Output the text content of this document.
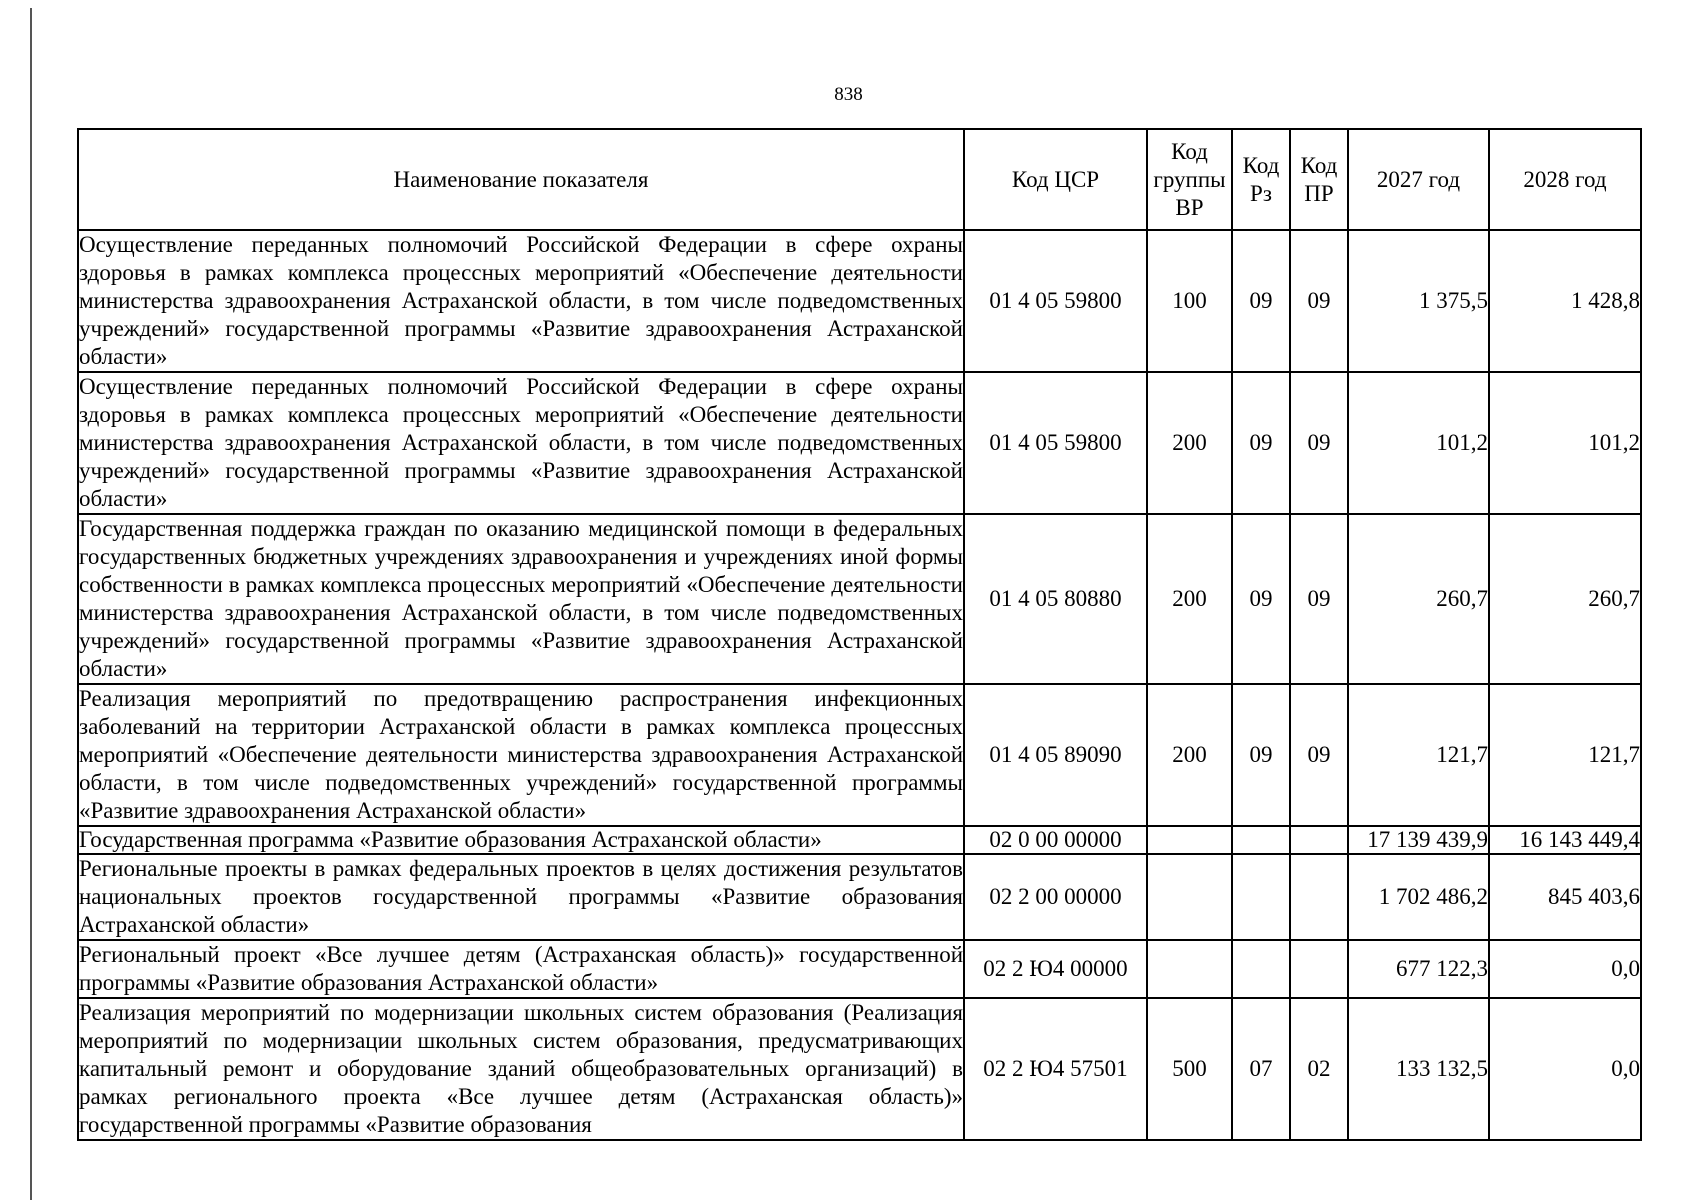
838
Наименование показателя	Код ЦСР	Код группы ВР	Код Рз	Код ПР	2027 год	2028 год
Осуществление переданных полномочий Российской Федерации в сфере охраны здоровья в рамках комплекса процессных мероприятий «Обеспечение деятельности министерства здравоохранения Астраханской области, в том числе подведомственных учреждений» государственной программы «Развитие здравоохранения Астраханской области»	01 4 05 59800	100	09	09	1 375,5	1 428,8
Осуществление переданных полномочий Российской Федерации в сфере охраны здоровья в рамках комплекса процессных мероприятий «Обеспечение деятельности министерства здравоохранения Астраханской области, в том числе подведомственных учреждений» государственной программы «Развитие здравоохранения Астраханской области»	01 4 05 59800	200	09	09	101,2	101,2
Государственная поддержка граждан по оказанию медицинской помощи в федеральных государственных бюджетных учреждениях здравоохранения и учреждениях иной формы собственности в рамках комплекса процессных мероприятий «Обеспечение деятельности министерства здравоохранения Астраханской области, в том числе подведомственных учреждений» государственной программы «Развитие здравоохранения Астраханской области»	01 4 05 80880	200	09	09	260,7	260,7
Реализация мероприятий по предотвращению распространения инфекционных заболеваний на территории Астраханской области в рамках комплекса процессных мероприятий «Обеспечение деятельности министерства здравоохранения Астраханской области, в том числе подведомственных учреждений» государственной программы «Развитие здравоохранения Астраханской области»	01 4 05 89090	200	09	09	121,7	121,7
Государственная программа «Развитие образования Астраханской области»	02 0 00 00000				17 139 439,9	16 143 449,4
Региональные проекты в рамках федеральных проектов в целях достижения результатов национальных проектов государственной программы «Развитие образования Астраханской области»	02 2 00 00000				1 702 486,2	845 403,6
Региональный проект «Все лучшее детям (Астраханская область)» государственной программы «Развитие образования Астраханской области»	02 2 Ю4 00000				677 122,3	0,0
Реализация мероприятий по модернизации школьных систем образования (Реализация мероприятий по модернизации школьных систем образования, предусматривающих капитальный ремонт и оборудование зданий общеобразовательных организаций) в рамках регионального проекта «Все лучшее детям (Астраханская область)» государственной программы «Развитие образования	02 2 Ю4 57501	500	07	02	133 132,5	0,0
